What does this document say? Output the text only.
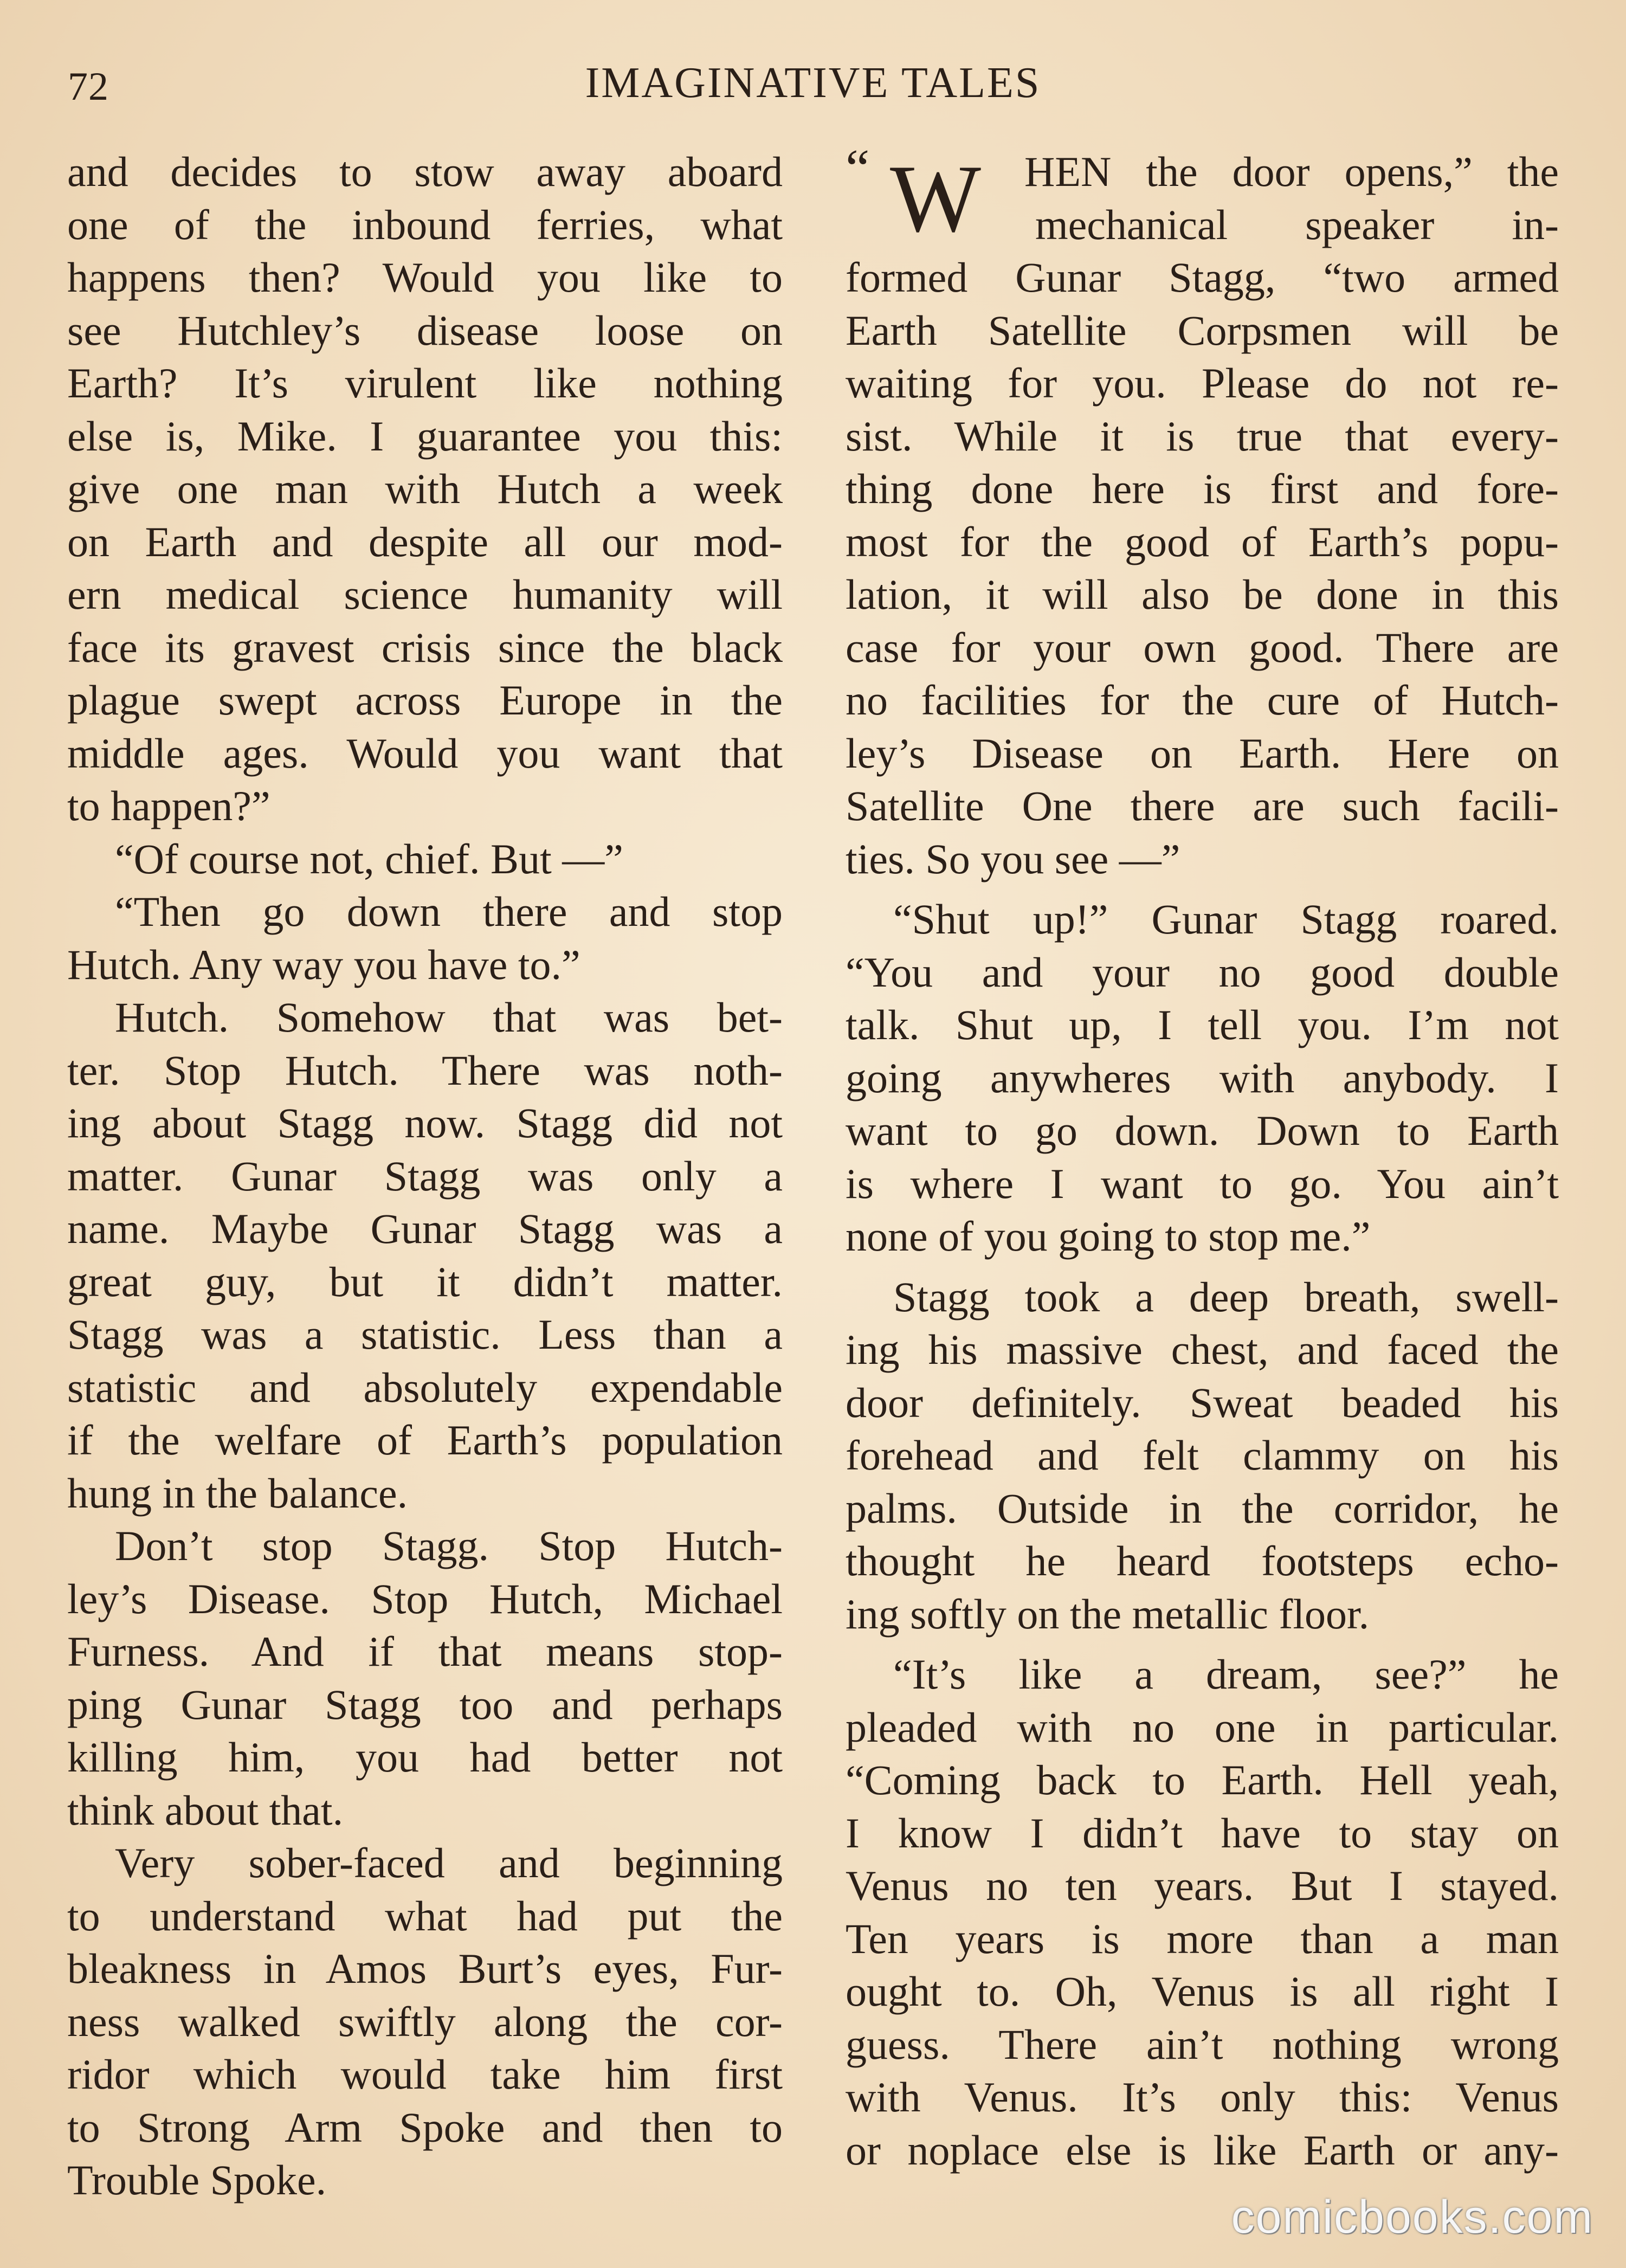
72	IMAGINATIVE TALES
and decides to stow away aboard
one of the inbound ferries, what
happens then? Would you like to
see Hutchley’s disease loose on
Earth? It’s virulent like nothing
else is, Mike. I guarantee you this:
give one man with Hutch a week
on Earth and despite all our mod-
ern medical science humanity will
face its gravest crisis since the black
plague swept across Europe in the
middle ages. Would you want that
to happen?”
“Of course not, chief. But —”
“Then go down there and stop
Hutch. Any way you have to.”
Hutch. Somehow that was bet-
ter. Stop Hutch. There was noth-
ing about Stagg now. Stagg did not
matter. Gunar Stagg was only a
name. Maybe Gunar Stagg was a
great guy, but it didn’t matter.
Stagg was a statistic. Less than a
statistic and absolutely expendable
if the welfare of Earth’s population
hung in the balance.
Don’t stop Stagg. Stop Hutch-
ley’s Disease. Stop Hutch, Michael
Furness. And if that means stop-
ping Gunar Stagg too and perhaps
killing him, you had better not
think about that.
Very sober-faced and beginning
to understand what had put the
bleakness in Amos Burt’s eyes, Fur-
ness walked swiftly along the cor-
ridor which would take him first
to Strong Arm Spoke and then to
Trouble Spoke.
“ W HEN the door opens,” the
mechanical speaker in-
formed Gunar Stagg, “two armed
Earth Satellite Corpsmen will be
waiting for you. Please do not re-
sist. While it is true that every-
thing done here is first and fore-
most for the good of Earth’s popu-
lation, it will also be done in this
case for your own good. There are
no facilities for the cure of Hutch-
ley’s Disease on Earth. Here on
Satellite One there are such facili-
ties. So you see —”
“Shut up!” Gunar Stagg roared.
“You and your no good double
talk. Shut up, I tell you. I’m not
going anywheres with anybody. I
want to go down. Down to Earth
is where I want to go. You ain’t
none of you going to stop me.”
Stagg took a deep breath, swell-
ing his massive chest, and faced the
door definitely. Sweat beaded his
forehead and felt clammy on his
palms. Outside in the corridor, he
thought he heard footsteps echo-
ing softly on the metallic floor.
“It’s like a dream, see?” he
pleaded with no one in particular.
“Coming back to Earth. Hell yeah,
I know I didn’t have to stay on
Venus no ten years. But I stayed.
Ten years is more than a man
ought to. Oh, Venus is all right I
guess. There ain’t nothing wrong
with Venus. It’s only this: Venus
or noplace else is like Earth or any-
comicbooks.com
